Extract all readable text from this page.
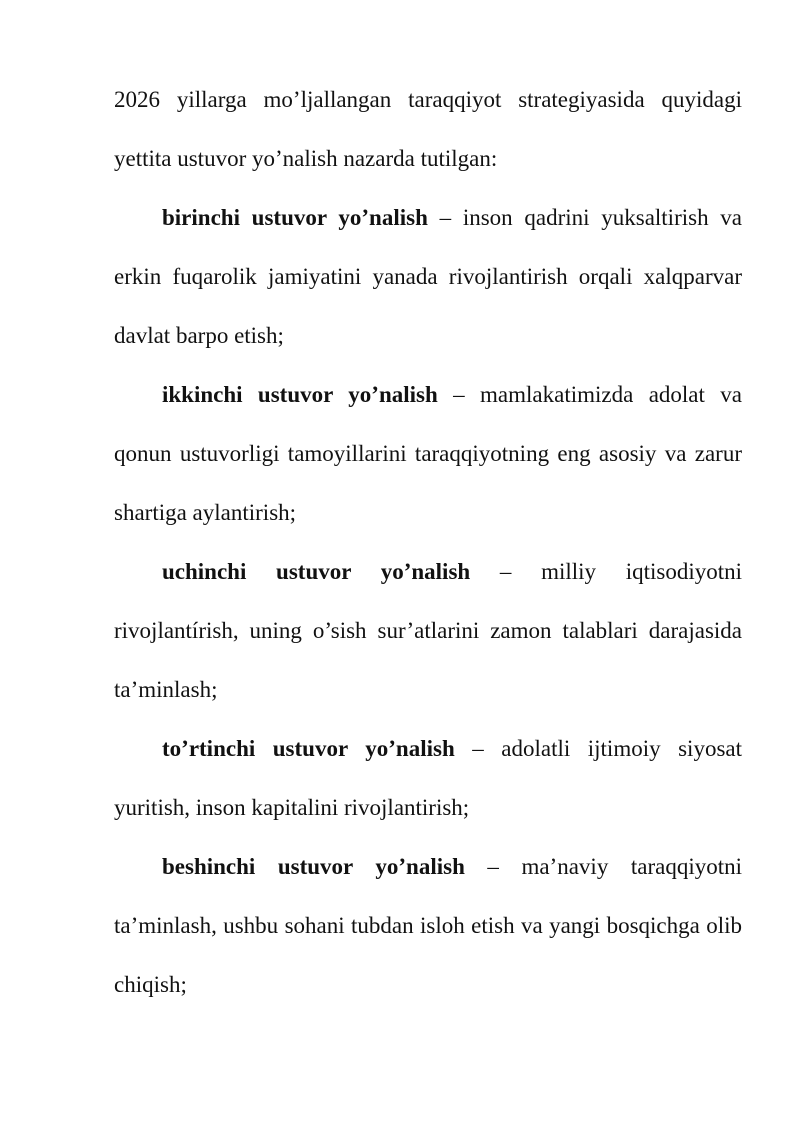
2026 yillarga mo’ljallangan taraqqiyot strategiyasida quyidagi yettita ustuvor yo’nalish nazarda tutilgan:

birinchi ustuvor yo’nalish – inson qadrini yuksaltirish va erkin fuqarolik jamiyatini yanada rivojlantirish orqali xalqparvar davlat barpo etish;

ikkinchi ustuvor yo’nalish – mamlakatimizda adolat va qonun ustuvorligi tamoyillarini taraqqiyotning eng asosiy va zarur shartiga aylantirish;

uchinchi ustuvor yo’nalish – milliy iqtisodiyotni rivojlantírish, uning o’sish sur’atlarini zamon talablari darajasida ta’minlash;

to’rtinchi ustuvor yo’nalish – adolatli ijtimoiy siyosat yuritish, inson kapitalini rivojlantirish;

beshinchi ustuvor yo’nalish – ma’naviy taraqqiyotni ta’minlash, ushbu sohani tubdan isloh etish va yangi bosqichga olib chiqish;
